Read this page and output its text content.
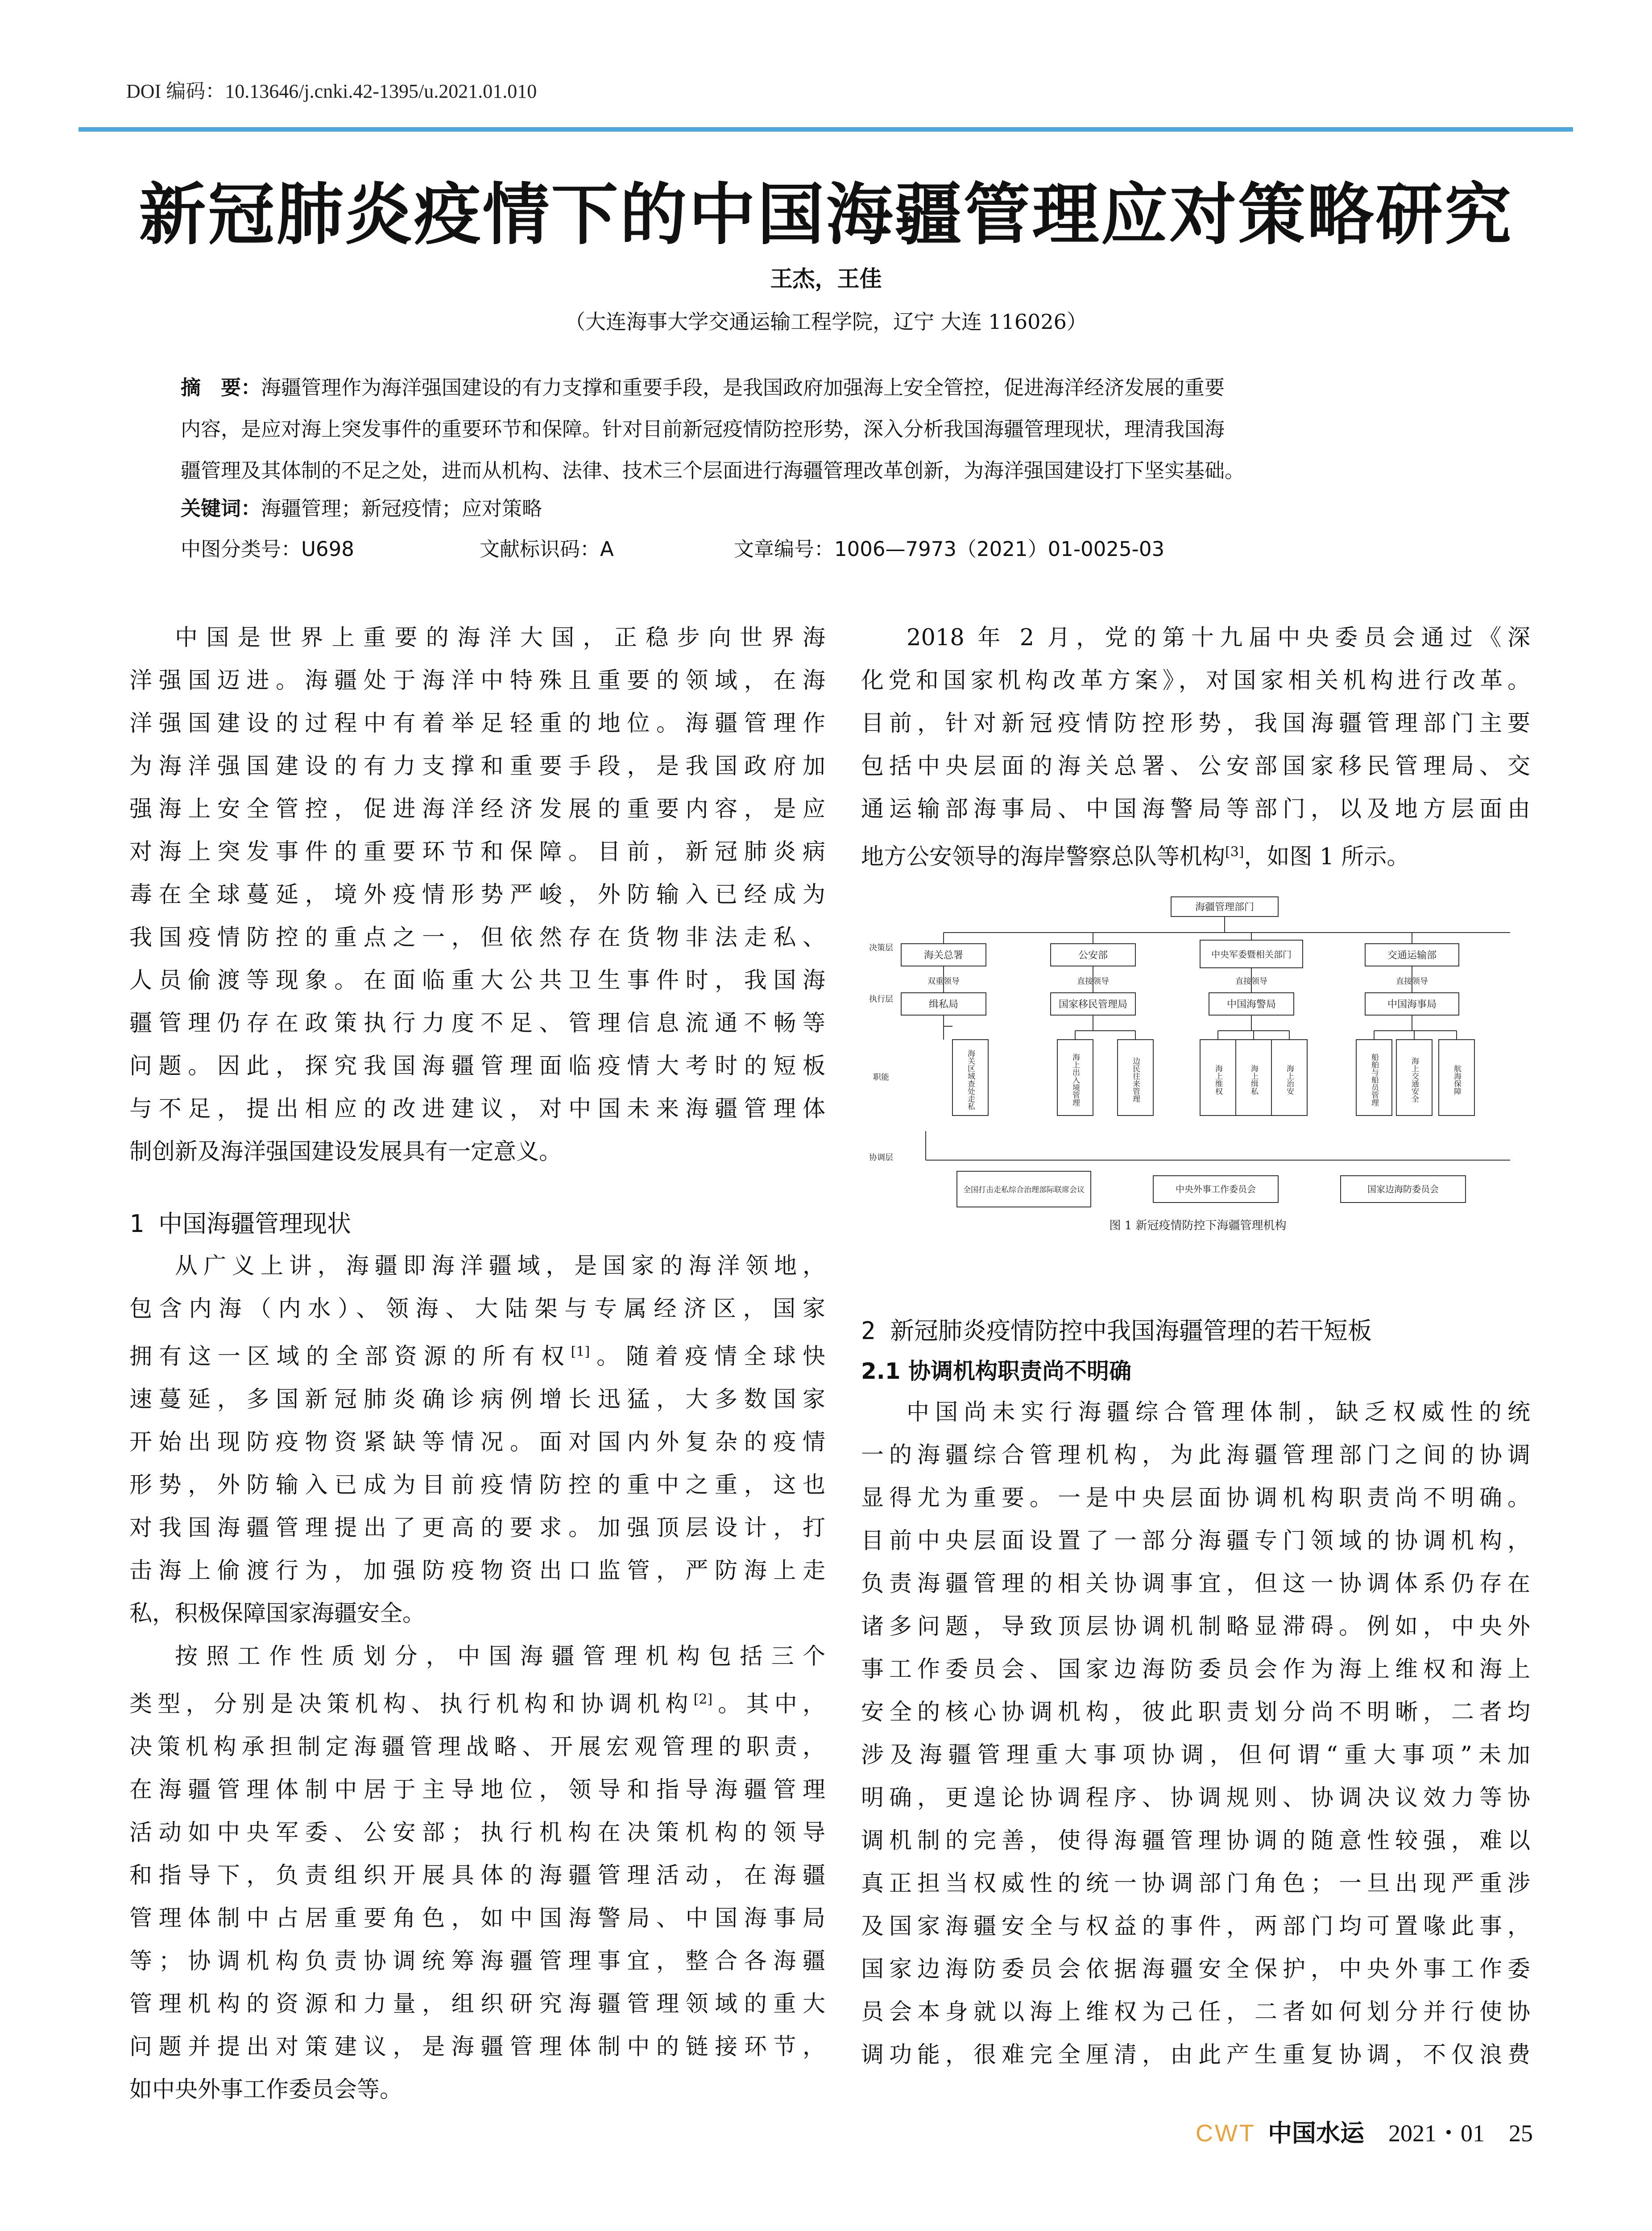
DOI 编码：10.13646/j.cnki.42-1395/u.2021.01.010
新冠肺炎疫情下的中国海疆管理应对策略研究
王杰，王佳
（大连海事大学交通运输工程学院，辽宁 大连 116026）
摘　要：海疆管理作为海洋强国建设的有力支撑和重要手段，是我国政府加强海上安全管控，促进海洋经济发展的重要
内容，是应对海上突发事件的重要环节和保障。针对目前新冠疫情防控形势，深入分析我国海疆管理现状，理清我国海
疆管理及其体制的不足之处，进而从机构、法律、技术三个层面进行海疆管理改革创新，为海洋强国建设打下坚实基础。
关键词：海疆管理；新冠疫情；应对策略
中图分类号：U698	文献标识码：A	文章编号：1006—7973（2021）01-0025-03
中国是世界上重要的海洋大国，正稳步向世界海
洋强国迈进。海疆处于海洋中特殊且重要的领域，在海
洋强国建设的过程中有着举足轻重的地位。海疆管理作
为海洋强国建设的有力支撑和重要手段，是我国政府加
强海上安全管控，促进海洋经济发展的重要内容，是应
对海上突发事件的重要环节和保障。目前，新冠肺炎病
毒在全球蔓延，境外疫情形势严峻，外防输入已经成为
我国疫情防控的重点之一，但依然存在货物非法走私、
人员偷渡等现象。在面临重大公共卫生事件时，我国海
疆管理仍存在政策执行力度不足、管理信息流通不畅等
问题。因此，探究我国海疆管理面临疫情大考时的短板
与不足，提出相应的改进建议，对中国未来海疆管理体
制创新及海洋强国建设发展具有一定意义。
1 中国海疆管理现状
从广义上讲，海疆即海洋疆域，是国家的海洋领地，
包含内海（内水）、领海、大陆架与专属经济区，国家
拥有这一区域的全部资源的所有权[1]。随着疫情全球快
速蔓延，多国新冠肺炎确诊病例增长迅猛，大多数国家
开始出现防疫物资紧缺等情况。面对国内外复杂的疫情
形势，外防输入已成为目前疫情防控的重中之重，这也
对我国海疆管理提出了更高的要求。加强顶层设计，打
击海上偷渡行为，加强防疫物资出口监管，严防海上走
私，积极保障国家海疆安全。
按照工作性质划分，中国海疆管理机构包括三个
类型，分别是决策机构、执行机构和协调机构[2]。其中，
决策机构承担制定海疆管理战略、开展宏观管理的职责，
在海疆管理体制中居于主导地位，领导和指导海疆管理
活动如中央军委、公安部；执行机构在决策机构的领导
和指导下，负责组织开展具体的海疆管理活动，在海疆
管理体制中占居重要角色，如中国海警局、中国海事局
等；协调机构负责协调统筹海疆管理事宜，整合各海疆
管理机构的资源和力量，组织研究海疆管理领域的重大
问题并提出对策建议，是海疆管理体制中的链接环节，
如中央外事工作委员会等。
2018 年 2 月，党的第十九届中央委员会通过《深
化党和国家机构改革方案》，对国家相关机构进行改革。
目前，针对新冠疫情防控形势，我国海疆管理部门主要
包括中央层面的海关总署、公安部国家移民管理局、交
通运输部海事局、中国海警局等部门，以及地方层面由
地方公安领导的海岸警察总队等机构[3]，如图 1 所示。
海疆管理部门
决策层
执行层
职能
协调层
海关总署	公安部	中央军委暨相关部门	交通运输部
双重领导	直接领导	直接领导	直接领导
缉私局	国家移民管理局	中国海警局	中国海事局
海关区域查处走私	海上出入境管理	边民往来管理	海上维权	海上缉私	海上治安	船舶与船员管理	海上交通安全	航海保障
全国打击走私综合治理部际联席会议	中央外事工作委员会	国家边海防委员会
图 1 新冠疫情防控下海疆管理机构
2 新冠肺炎疫情防控中我国海疆管理的若干短板
2.1 协调机构职责尚不明确
中国尚未实行海疆综合管理体制，缺乏权威性的统
一的海疆综合管理机构，为此海疆管理部门之间的协调
显得尤为重要。一是中央层面协调机构职责尚不明确。
目前中央层面设置了一部分海疆专门领域的协调机构，
负责海疆管理的相关协调事宜，但这一协调体系仍存在
诸多问题，导致顶层协调机制略显滞碍。例如，中央外
事工作委员会、国家边海防委员会作为海上维权和海上
安全的核心协调机构，彼此职责划分尚不明晰，二者均
涉及海疆管理重大事项协调，但何谓“重大事项”未加
明确，更遑论协调程序、协调规则、协调决议效力等协
调机制的完善，使得海疆管理协调的随意性较强，难以
真正担当权威性的统一协调部门角色；一旦出现严重涉
及国家海疆安全与权益的事件，两部门均可置喙此事，
国家边海防委员会依据海疆安全保护，中央外事工作委
员会本身就以海上维权为己任，二者如何划分并行使协
调功能，很难完全厘清，由此产生重复协调，不仅浪费
CWT 中国水运 2021・01 25
